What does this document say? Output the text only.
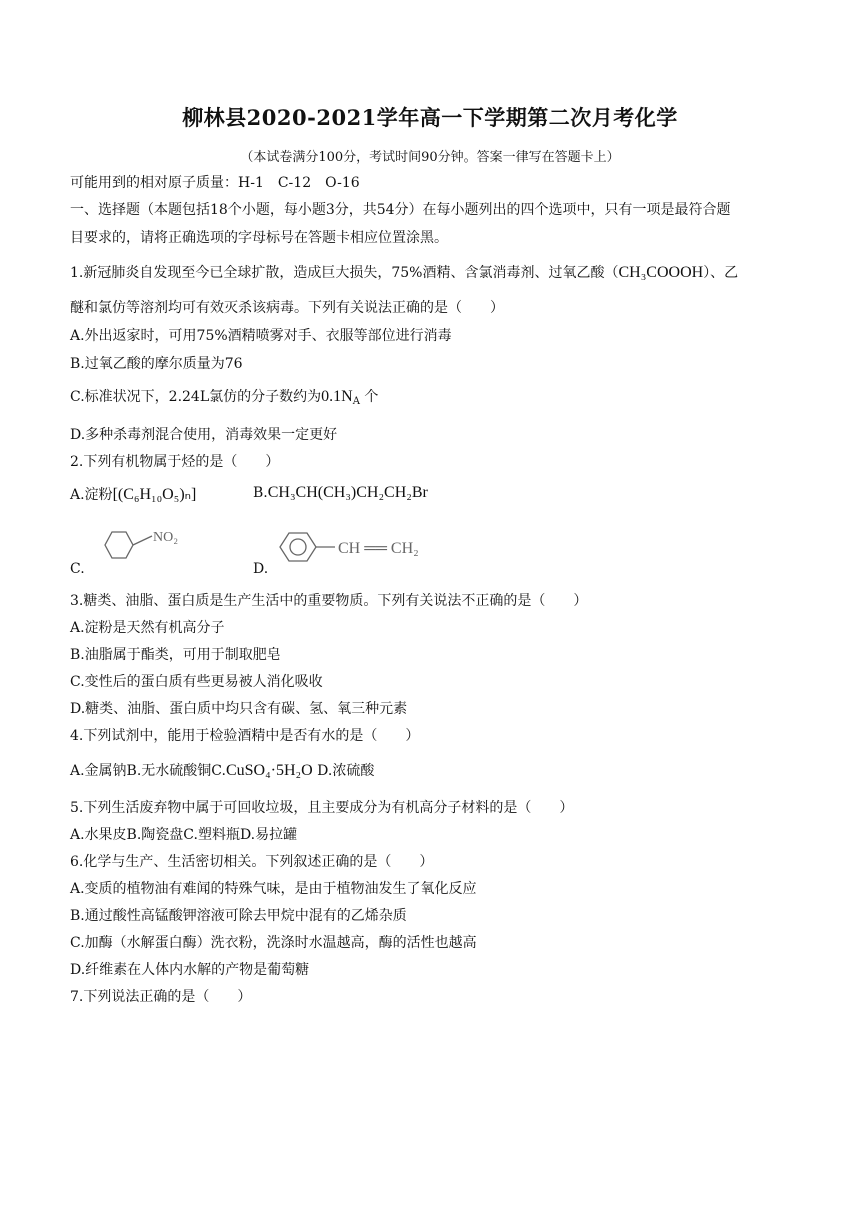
柳林县2020-2021学年高一下学期第二次月考化学
（本试卷满分100分，考试时间90分钟。答案一律写在答题卡上）
可能用到的相对原子质量：H-1　C-12　O-16
一、选择题（本题包括18个小题，每小题3分，共54分）在每小题列出的四个选项中，只有一项是最符合题
目要求的，请将正确选项的字母标号在答题卡相应位置涂黑。
1.新冠肺炎自发现至今已全球扩散，造成巨大损失，75%酒精、含氯消毒剂、过氧乙酸（CH₃COOOH）、乙
醚和氯仿等溶剂均可有效灭杀该病毒。下列有关说法正确的是（　　）
A.外出返家时，可用75%酒精喷雾对手、衣服等部位进行消毒
B.过氧乙酸的摩尔质量为76
C.标准状况下，2.24L氯仿的分子数约为$0.1N_A$ 个
D.多种杀毒剂混合使用，消毒效果一定更好
2.下列有机物属于烃的是（　　）
A.淀粉[(C₆H₁₀O₅)ₙ]	B.CH₃CH(CH₃)CH₂CH₂Br
C.
NO₂
D.
CH ══ CH₂
3.糖类、油脂、蛋白质是生产生活中的重要物质。下列有关说法不正确的是（　　）
A.淀粉是天然有机高分子
B.油脂属于酯类，可用于制取肥皂
C.变性后的蛋白质有些更易被人消化吸收
D.糖类、油脂、蛋白质中均只含有碳、氢、氧三种元素
4.下列试剂中，能用于检验酒精中是否有水的是（　　）
A.金属钠B.无水硫酸铜C.CuSO₄·5H₂O D.浓硫酸
5.下列生活废弃物中属于可回收垃圾，且主要成分为有机高分子材料的是（　　）
A.水果皮B.陶瓷盘C.塑料瓶D.易拉罐
6.化学与生产、生活密切相关。下列叙述正确的是（　　）
A.变质的植物油有难闻的特殊气味，是由于植物油发生了氧化反应
B.通过酸性高锰酸钾溶液可除去甲烷中混有的乙烯杂质
C.加酶（水解蛋白酶）洗衣粉，洗涤时水温越高，酶的活性也越高
D.纤维素在人体内水解的产物是葡萄糖
7.下列说法正确的是（　　）
